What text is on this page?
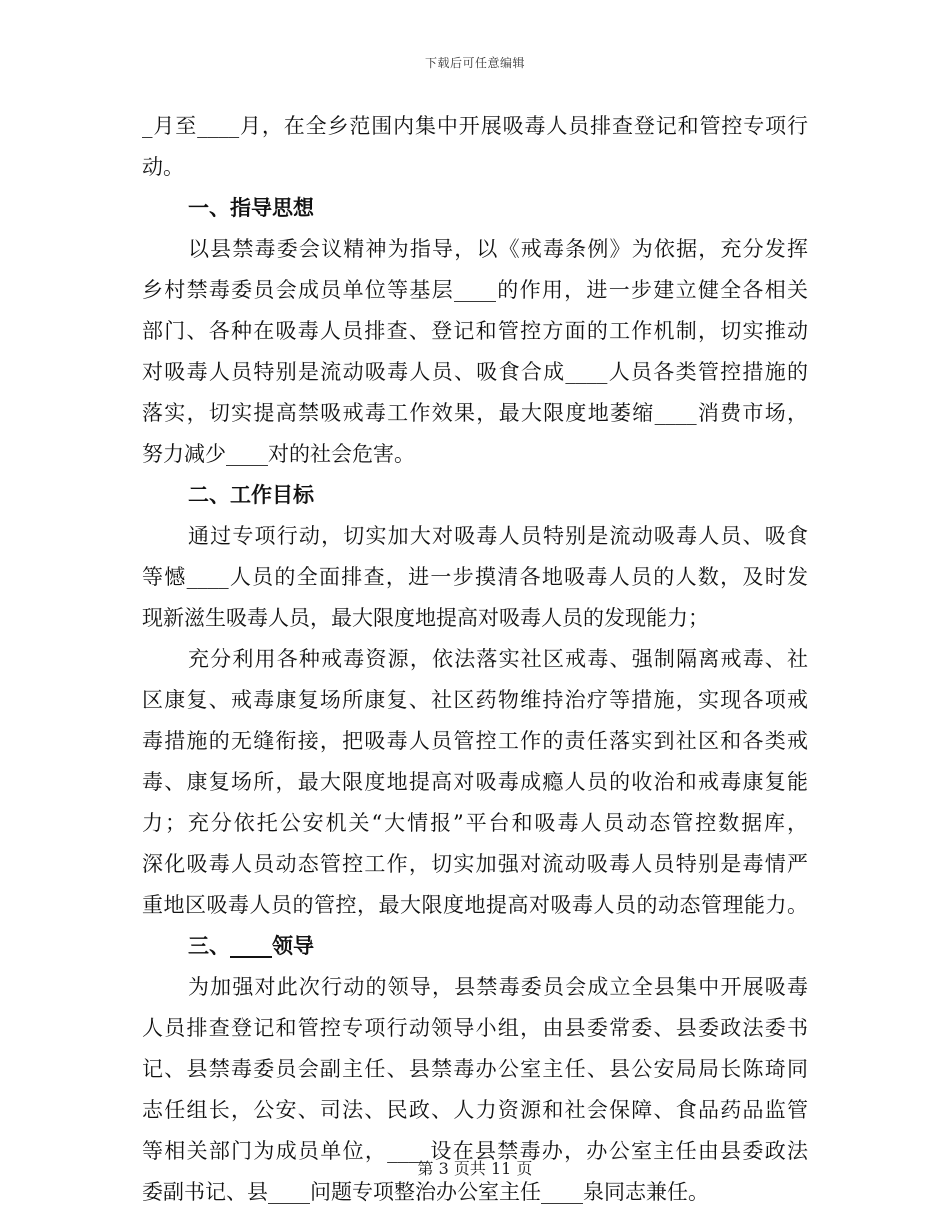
下载后可任意编辑
_月至____月，在全乡范围内集中开展吸毒人员排查登记和管控专项行
动。
一、指导思想
以县禁毒委会议精神为指导，以《戒毒条例》为依据，充分发挥
乡村禁毒委员会成员单位等基层____的作用，进一步建立健全各相关
部门、各种在吸毒人员排查、登记和管控方面的工作机制，切实推动
对吸毒人员特别是流动吸毒人员、吸食合成____人员各类管控措施的
落实，切实提高禁吸戒毒工作效果，最大限度地萎缩____消费市场，
努力减少____对的社会危害。
二、工作目标
通过专项行动，切实加大对吸毒人员特别是流动吸毒人员、吸食
等憾____人员的全面排查，进一步摸清各地吸毒人员的人数，及时发
现新滋生吸毒人员，最大限度地提高对吸毒人员的发现能力；
充分利用各种戒毒资源，依法落实社区戒毒、强制隔离戒毒、社
区康复、戒毒康复场所康复、社区药物维持治疗等措施，实现各项戒
毒措施的无缝衔接，把吸毒人员管控工作的责任落实到社区和各类戒
毒、康复场所，最大限度地提高对吸毒成瘾人员的收治和戒毒康复能
力；充分依托公安机关“大情报”平台和吸毒人员动态管控数据库，
深化吸毒人员动态管控工作，切实加强对流动吸毒人员特别是毒情严
重地区吸毒人员的管控，最大限度地提高对吸毒人员的动态管理能力。
三、____领导
为加强对此次行动的领导，县禁毒委员会成立全县集中开展吸毒
人员排查登记和管控专项行动领导小组，由县委常委、县委政法委书
记、县禁毒委员会副主任、县禁毒办公室主任、县公安局局长陈琦同
志任组长，公安、司法、民政、人力资源和社会保障、食品药品监管
等相关部门为成员单位，____设在县禁毒办，办公室主任由县委政法
委副书记、县____问题专项整治办公室主任____泉同志兼任。
第 3 页共 11 页
